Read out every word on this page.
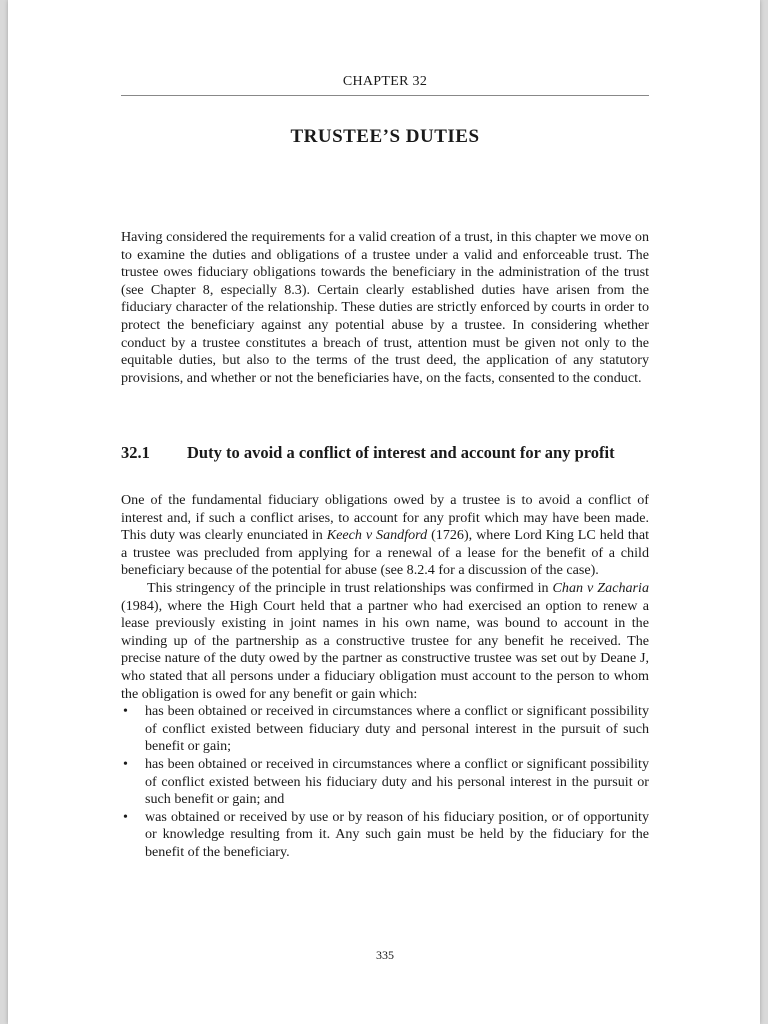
CHAPTER 32
TRUSTEE’S DUTIES

Having considered the requirements for a valid creation of a trust, in this chapter we move on to examine the duties and obligations of a trustee under a valid and enforceable trust. The trustee owes fiduciary obligations towards the beneficiary in the administration of the trust (see Chapter 8, especially 8.3). Certain clearly established duties have arisen from the fiduciary character of the relationship. These duties are strictly enforced by courts in order to protect the beneficiary against any potential abuse by a trustee. In considering whether conduct by a trustee constitutes a breach of trust, attention must be given not only to the equitable duties, but also to the terms of the trust deed, the application of any statutory provisions, and whether or not the beneficiaries have, on the facts, consented to the conduct.

32.1	Duty to avoid a conflict of interest and account for any profit

One of the fundamental fiduciary obligations owed by a trustee is to avoid a conflict of interest and, if such a conflict arises, to account for any profit which may have been made. This duty was clearly enunciated in Keech v Sandford (1726), where Lord King LC held that a trustee was precluded from applying for a renewal of a lease for the benefit of a child beneficiary because of the potential for abuse (see 8.2.4 for a discussion of the case).

This stringency of the principle in trust relationships was confirmed in Chan v Zacharia (1984), where the High Court held that a partner who had exercised an option to renew a lease previously existing in joint names in his own name, was bound to account in the winding up of the partnership as a constructive trustee for any benefit he received. The precise nature of the duty owed by the partner as constructive trustee was set out by Deane J, who stated that all persons under a fiduciary obligation must account to the person to whom the obligation is owed for any benefit or gain which:

• has been obtained or received in circumstances where a conflict or significant possibility of conflict existed between fiduciary duty and personal interest in the pursuit of such benefit or gain;
• has been obtained or received in circumstances where a conflict or significant possibility of conflict existed between his fiduciary duty and his personal interest in the pursuit or such benefit or gain; and
• was obtained or received by use or by reason of his fiduciary position, or of opportunity or knowledge resulting from it. Any such gain must be held by the fiduciary for the benefit of the beneficiary.
335
